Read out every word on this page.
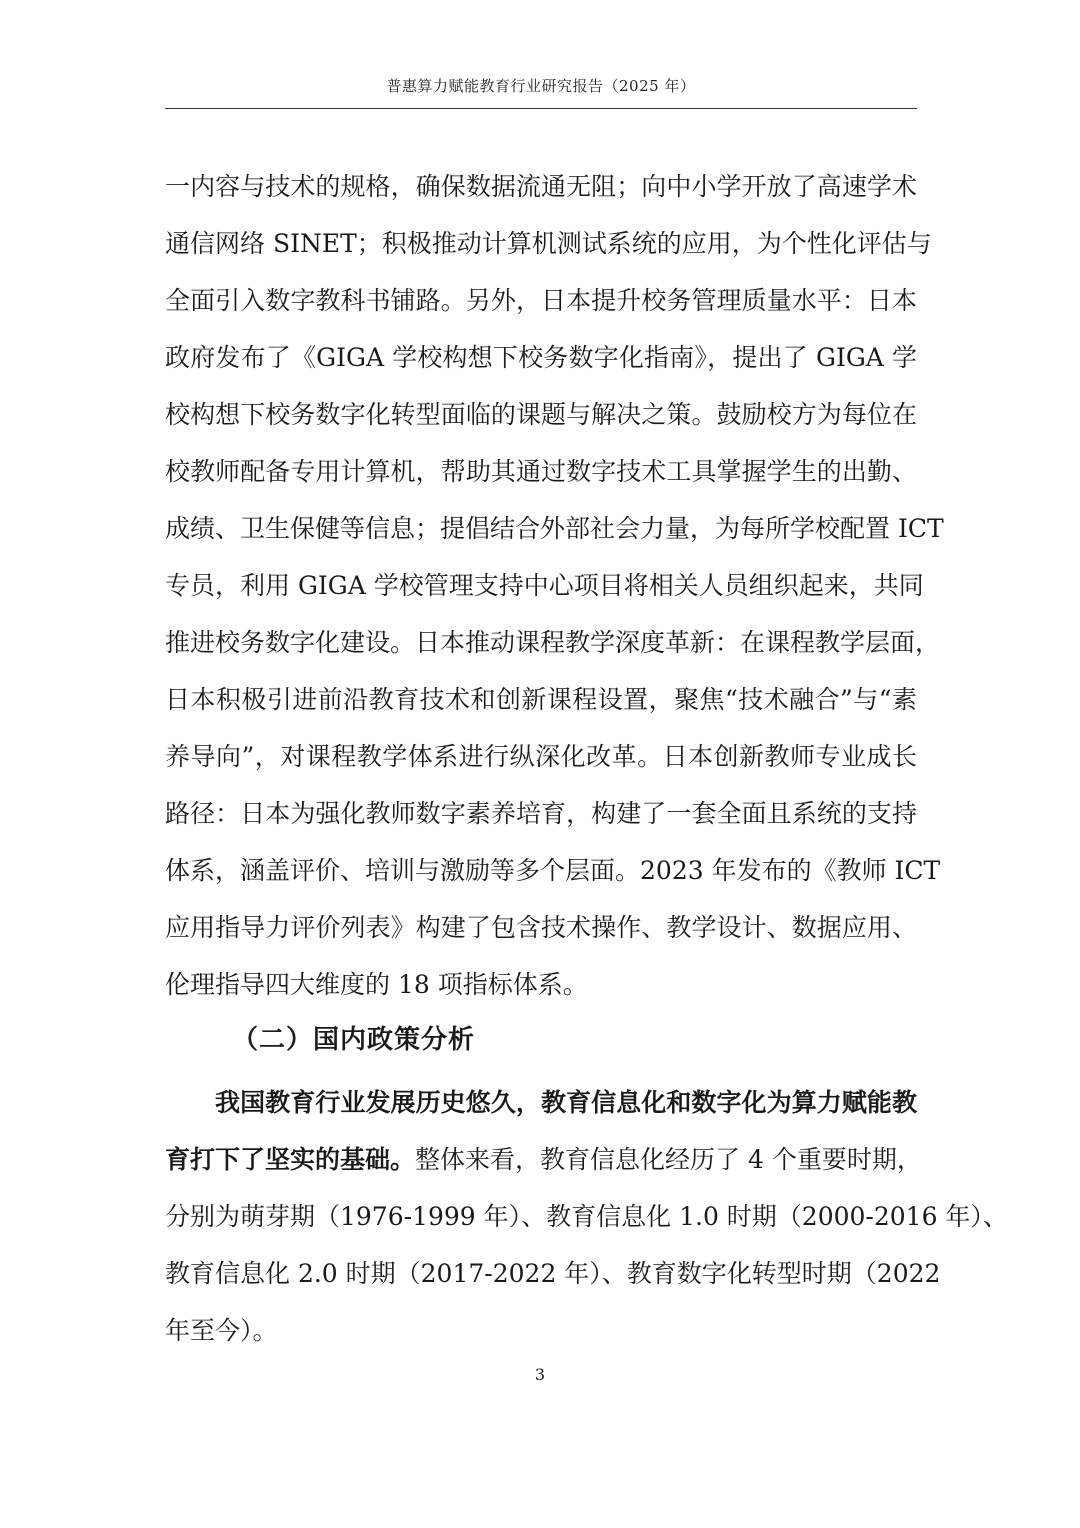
普惠算力赋能教育行业研究报告（2025 年）
一内容与技术的规格，确保数据流通无阻；向中小学开放了高速学术
通信网络 SINET；积极推动计算机测试系统的应用，为个性化评估与
全面引入数字教科书铺路。另外，日本提升校务管理质量水平：日本
政府发布了《GIGA 学校构想下校务数字化指南》，提出了 GIGA 学
校构想下校务数字化转型面临的课题与解决之策。鼓励校方为每位在
校教师配备专用计算机，帮助其通过数字技术工具掌握学生的出勤、
成绩、卫生保健等信息；提倡结合外部社会力量，为每所学校配置 ICT
专员，利用 GIGA 学校管理支持中心项目将相关人员组织起来，共同
推进校务数字化建设。日本推动课程教学深度革新：在课程教学层面，
日本积极引进前沿教育技术和创新课程设置，聚焦“技术融合”与“素
养导向”，对课程教学体系进行纵深化改革。日本创新教师专业成长
路径：日本为强化教师数字素养培育，构建了一套全面且系统的支持
体系，涵盖评价、培训与激励等多个层面。2023 年发布的《教师 ICT
应用指导力评价列表》构建了包含技术操作、教学设计、数据应用、
伦理指导四大维度的 18 项指标体系。
（二）国内政策分析
我国教育行业发展历史悠久，教育信息化和数字化为算力赋能教
育打下了坚实的基础。整体来看，教育信息化经历了 4 个重要时期，
分别为萌芽期（1976-1999 年）、教育信息化 1.0 时期（2000-2016 年）、
教育信息化 2.0 时期（2017-2022 年）、教育数字化转型时期（2022
年至今）。
3
